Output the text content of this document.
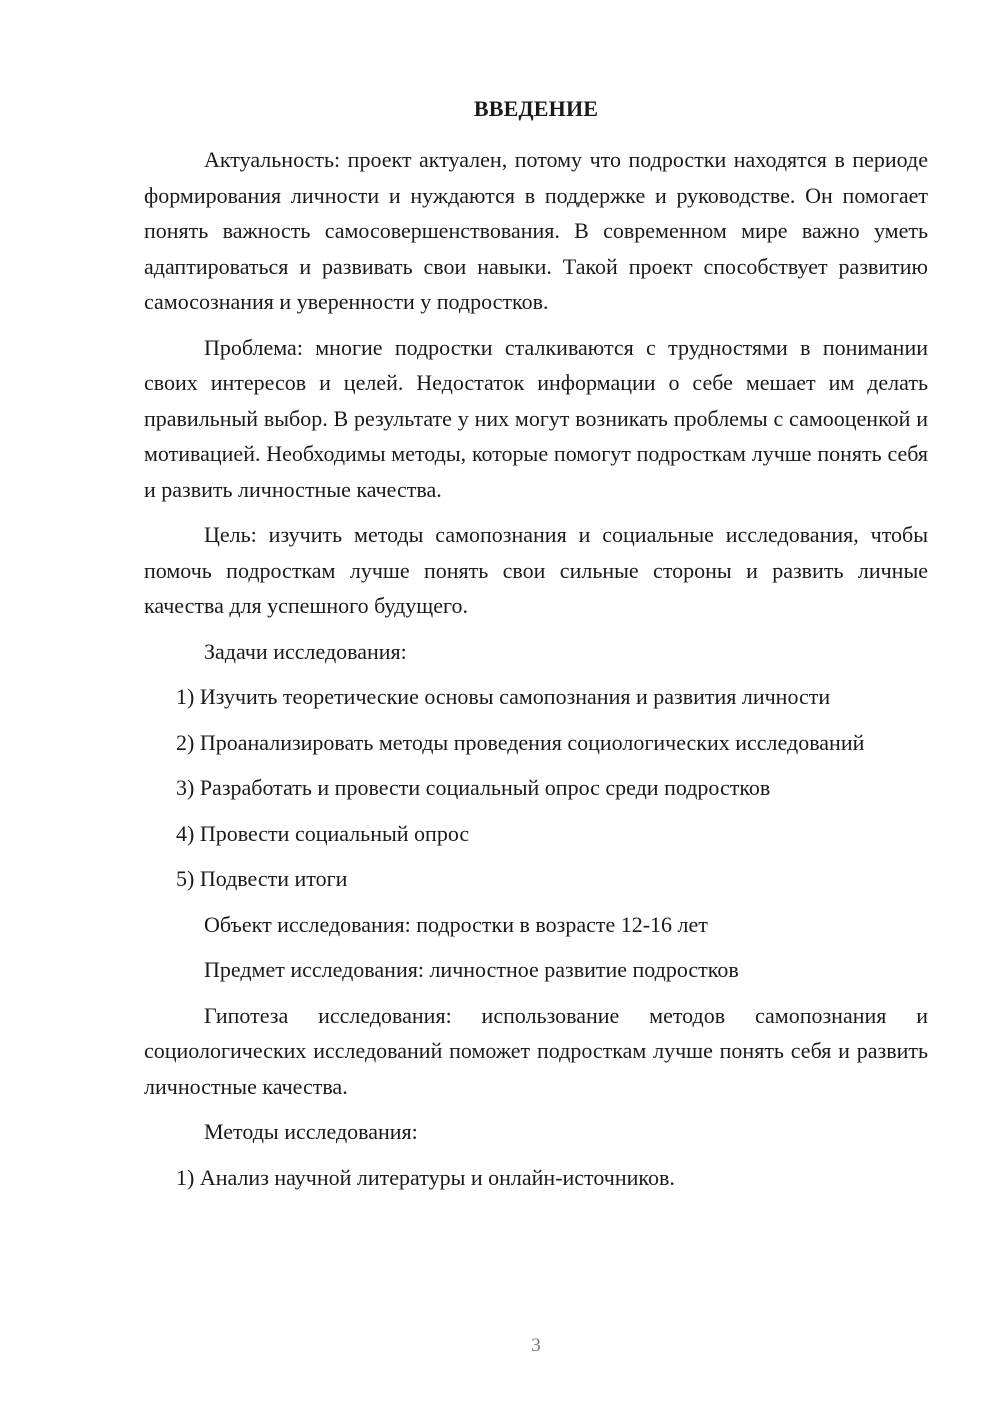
ВВЕДЕНИЕ

Актуальность: проект актуален, потому что подростки находятся в периоде формирования личности и нуждаются в поддержке и руководстве. Он помогает понять важность самосовершенствования. В современном мире важно уметь адаптироваться и развивать свои навыки. Такой проект способствует развитию самосознания и уверенности у подростков.

Проблема: многие подростки сталкиваются с трудностями в понимании своих интересов и целей. Недостаток информации о себе мешает им делать правильный выбор. В результате у них могут возникать проблемы с самооценкой и мотивацией. Необходимы методы, которые помогут подросткам лучше понять себя и развить личностные качества.

Цель: изучить методы самопознания и социальные исследования, чтобы помочь подросткам лучше понять свои сильные стороны и развить личные качества для успешного будущего.

Задачи исследования:

1) Изучить теоретические основы самопознания и развития личности

2) Проанализировать методы проведения социологических исследований

3) Разработать и провести социальный опрос среди подростков

4) Провести социальный опрос

5) Подвести итоги

Объект исследования: подростки в возрасте 12-16 лет

Предмет исследования: личностное развитие подростков

Гипотеза исследования: использование методов самопознания и социологических исследований поможет подросткам лучше понять себя и развить личностные качества.

Методы исследования:

1) Анализ научной литературы и онлайн-источников.

3
